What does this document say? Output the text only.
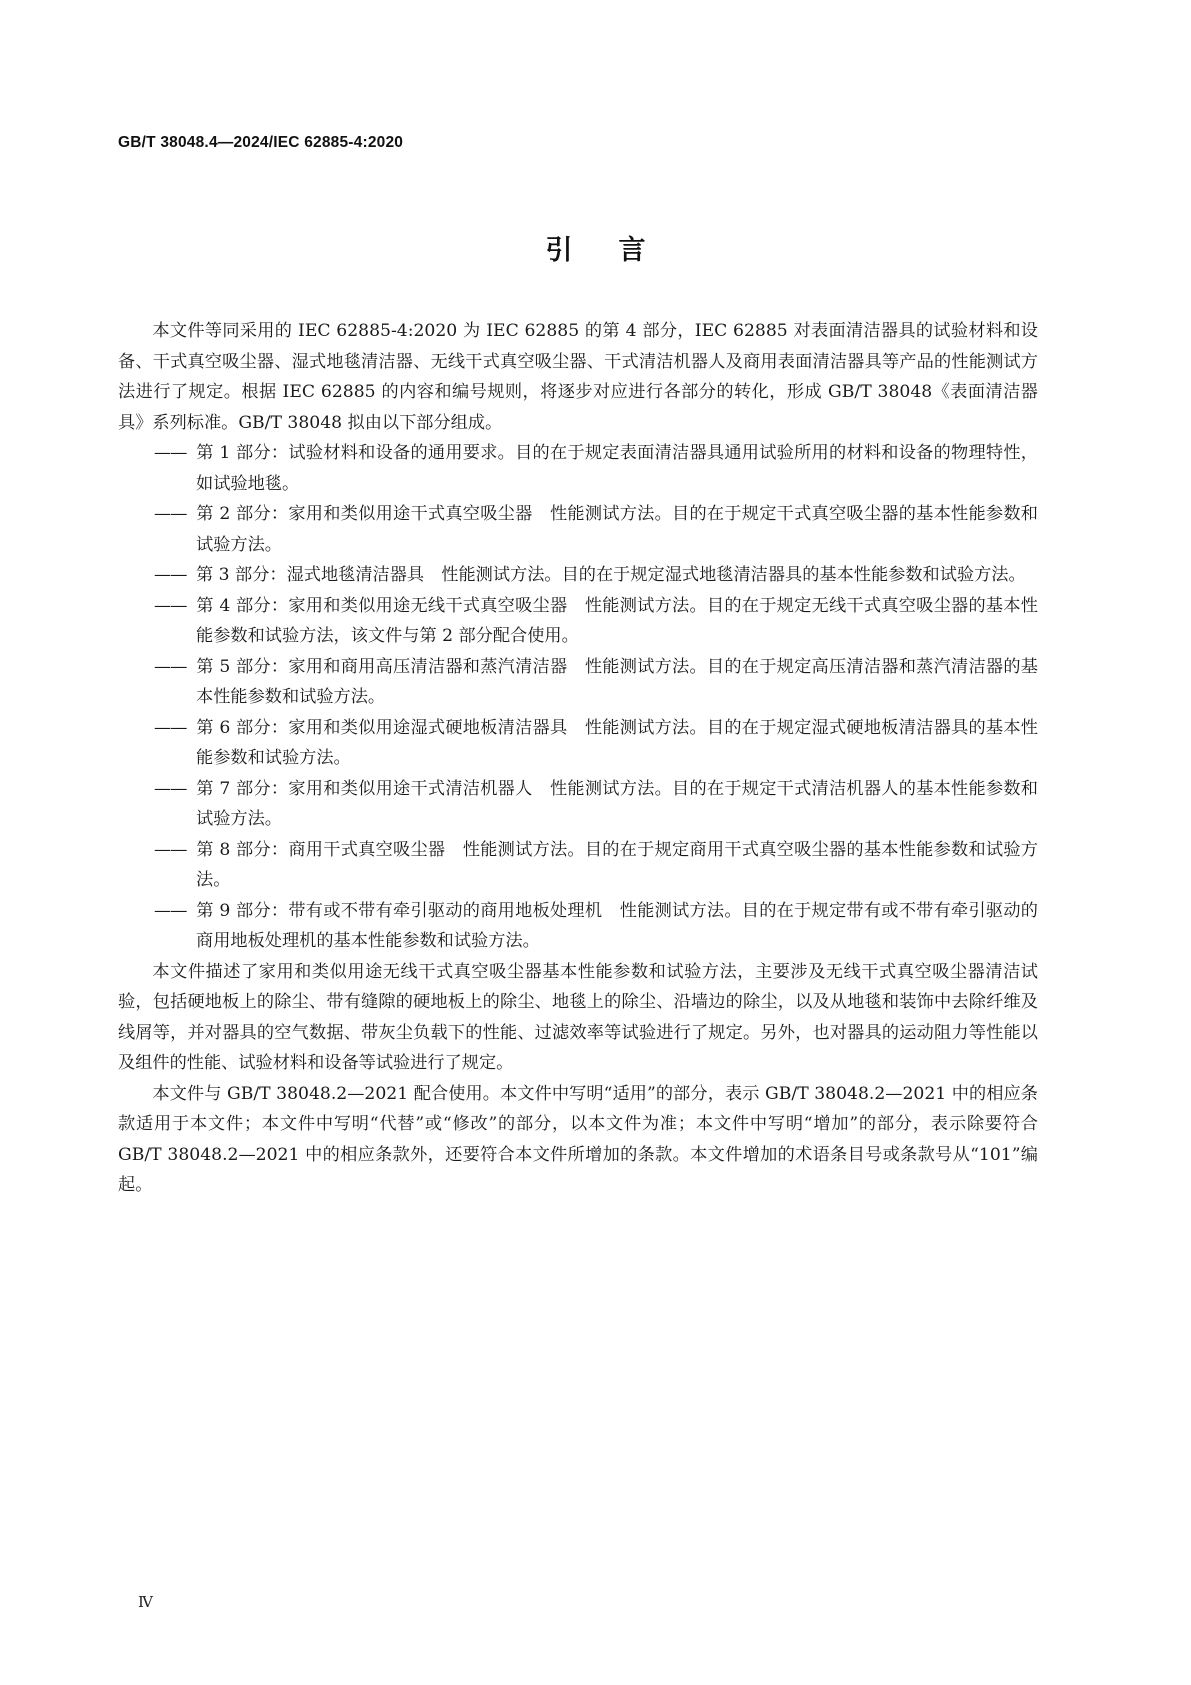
GB/T 38048.4—2024/IEC 62885-4:2020
引言

本文件等同采用的 IEC 62885-4:2020 为 IEC 62885 的第 4 部分，IEC 62885 对表面清洁器具的试验材料和设备、干式真空吸尘器、湿式地毯清洁器、无线干式真空吸尘器、干式清洁机器人及商用表面清洁器具等产品的性能测试方法进行了规定。根据 IEC 62885 的内容和编号规则，将逐步对应进行各部分的转化，形成 GB/T 38048《表面清洁器具》系列标准。GB/T 38048 拟由以下部分组成。

—— 第 1 部分：试验材料和设备的通用要求。目的在于规定表面清洁器具通用试验所用的材料和设备的物理特性，如试验地毯。
—— 第 2 部分：家用和类似用途干式真空吸尘器　性能测试方法。目的在于规定干式真空吸尘器的基本性能参数和试验方法。
—— 第 3 部分：湿式地毯清洁器具　性能测试方法。目的在于规定湿式地毯清洁器具的基本性能参数和试验方法。
—— 第 4 部分：家用和类似用途无线干式真空吸尘器　性能测试方法。目的在于规定无线干式真空吸尘器的基本性能参数和试验方法，该文件与第 2 部分配合使用。
—— 第 5 部分：家用和商用高压清洁器和蒸汽清洁器　性能测试方法。目的在于规定高压清洁器和蒸汽清洁器的基本性能参数和试验方法。
—— 第 6 部分：家用和类似用途湿式硬地板清洁器具　性能测试方法。目的在于规定湿式硬地板清洁器具的基本性能参数和试验方法。
—— 第 7 部分：家用和类似用途干式清洁机器人　性能测试方法。目的在于规定干式清洁机器人的基本性能参数和试验方法。
—— 第 8 部分：商用干式真空吸尘器　性能测试方法。目的在于规定商用干式真空吸尘器的基本性能参数和试验方法。
—— 第 9 部分：带有或不带有牵引驱动的商用地板处理机　性能测试方法。目的在于规定带有或不带有牵引驱动的商用地板处理机的基本性能参数和试验方法。

本文件描述了家用和类似用途无线干式真空吸尘器基本性能参数和试验方法，主要涉及无线干式真空吸尘器清洁试验，包括硬地板上的除尘、带有缝隙的硬地板上的除尘、地毯上的除尘、沿墙边的除尘，以及从地毯和装饰中去除纤维及线屑等，并对器具的空气数据、带灰尘负载下的性能、过滤效率等试验进行了规定。另外，也对器具的运动阻力等性能以及组件的性能、试验材料和设备等试验进行了规定。

本文件与 GB/T 38048.2—2021 配合使用。本文件中写明“适用”的部分，表示 GB/T 38048.2—2021 中的相应条款适用于本文件；本文件中写明“代替”或“修改”的部分，以本文件为准；本文件中写明“增加”的部分，表示除要符合 GB/T 38048.2—2021 中的相应条款外，还要符合本文件所增加的条款。本文件增加的术语条目号或条款号从“101”编起。

Ⅳ
